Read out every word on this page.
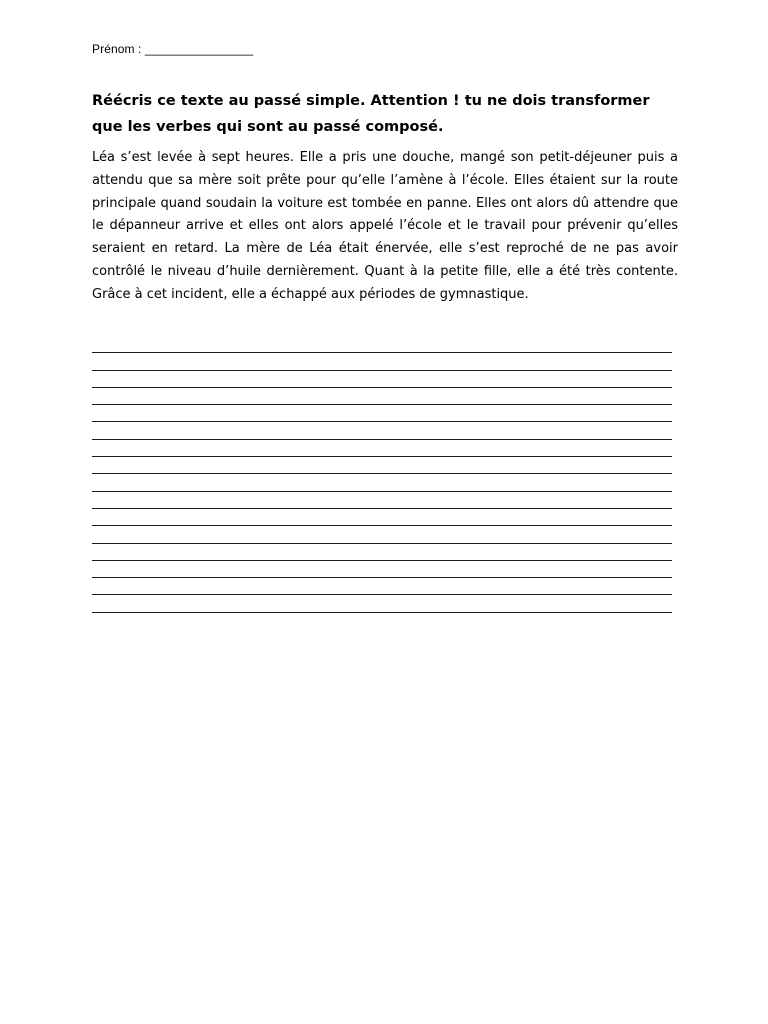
Prénom : ________________

Réécris ce texte au passé simple. Attention ! tu ne dois transformer que les verbes qui sont au passé composé.

Léa s’est levée à sept heures. Elle a pris une douche, mangé son petit-déjeuner puis a attendu que sa mère soit prête pour qu’elle l’amène à l’école. Elles étaient sur la route principale quand soudain la voiture est tombée en panne. Elles ont alors dû attendre que le dépanneur arrive et elles ont alors appelé l’école et le travail pour prévenir qu’elles seraient en retard. La mère de Léa était énervée, elle s’est reproché de ne pas avoir contrôlé le niveau d’huile dernièrement. Quant à la petite fille, elle a été très contente. Grâce à cet incident, elle a échappé aux périodes de gymnastique.
